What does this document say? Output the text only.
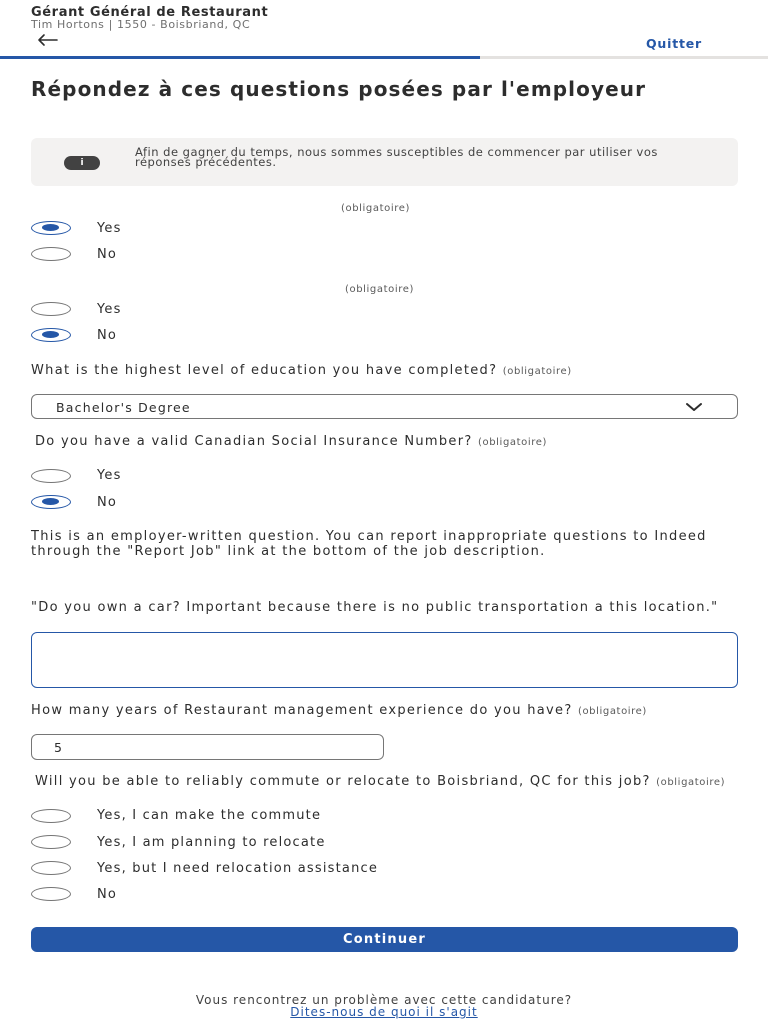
Gérant Général de Restaurant
Tim Hortons | 1550 - Boisbriand, QC
Quitter
Répondez à ces questions posées par l'employeur
i
Afin de gagner du temps, nous sommes susceptibles de commencer par utiliser vos réponses précédentes.
(obligatoire)
Yes
No
(obligatoire)
Yes
No
What is the highest level of education you have completed? (obligatoire)
Bachelor's Degree
Do you have a valid Canadian Social Insurance Number? (obligatoire)
Yes
No
This is an employer-written question. You can report inappropriate questions to Indeed through the "Report Job" link at the bottom of the job description.
"Do you own a car? Important because there is no public transportation a this location."
How many years of Restaurant management experience do you have? (obligatoire)
5
Will you be able to reliably commute or relocate to Boisbriand, QC for this job? (obligatoire)
Yes, I can make the commute
Yes, I am planning to relocate
Yes, but I need relocation assistance
No
Continuer
Vous rencontrez un problème avec cette candidature?
Dites-nous de quoi il s'agit
